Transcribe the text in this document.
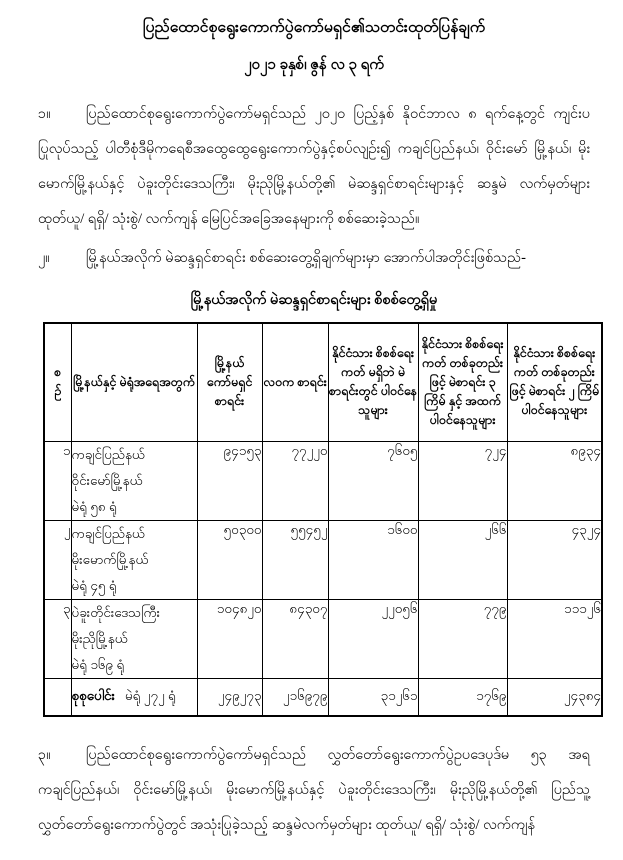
ပြည်ထောင်စုရွေးကောက်ပွဲကော်မရှင်၏သတင်းထုတ်ပြန်ချက်
၂၀၂၁ ခုနှစ်၊ ဇွန် လ ၃ ရက်
၁။ ပြည်ထောင်စုရွေးကောက်ပွဲကော်မရှင်သည် ၂၀၂၀ ပြည့်နှစ် နိုဝင်ဘာလ ၈ ရက်နေ့တွင် ကျင်းပပြုလုပ်သည့် ပါတီစုံဒီမိုကရေစီအထွေထွေရွေးကောက်ပွဲနှင့်စပ်လျဉ်း၍ ကချင်ပြည်နယ်၊ ဝိုင်းမော် မြို့နယ်၊ မိုးမောက်မြို့နယ်နှင့် ပဲခူးတိုင်းဒေသကြီး၊ မိုးညိုမြို့နယ်တို့၏ မဲဆန္ဒရှင်စာရင်းများနှင့် ဆန္ဒမဲ လက်မှတ်များ ထုတ်ယူ/ ရရှိ/ သုံးစွဲ/ လက်ကျန် မြေပြင်အခြေအနေများကို စစ်ဆေးခဲ့သည်။
၂။	မြို့နယ်အလိုက် မဲဆန္ဒရှင်စာရင်း စစ်ဆေးတွေ့ရှိချက်များမှာ အောက်ပါအတိုင်းဖြစ်သည်-
မြို့နယ်အလိုက် မဲဆန္ဒရှင်စာရင်းများ စိစစ်တွေ့ရှိမှု
စဉ်	မြို့နယ်နှင့် မဲရုံအရေအတွက်	မြို့နယ် ကော်မရှင် စာရင်း	လဝက စာရင်း	နိုင်ငံသား စိစစ်ရေးကတ် မရှိဘဲ မဲစာရင်းတွင် ပါဝင်နေသူများ	နိုင်ငံသား စိစစ်ရေးကတ် တစ်ခုတည်းဖြင့် မဲစာရင်း ၃ ကြိမ် နှင့် အထက် ပါဝင်နေသူများ	နိုင်ငံသား စိစစ်ရေးကတ် တစ်ခုတည်းဖြင့် မဲစာရင်း ၂ ကြိမ် ပါဝင်နေသူများ
၁	ကချင်ပြည်နယ်
ဝိုင်းမော်မြို့နယ်
မဲရုံ ၅၈ ရုံ	၉၄၁၅၃	၇၇၂၂၀	၇၆၀၅	၇၂၄	၈၉၃၄
၂	ကချင်ပြည်နယ်
မိုးမောက်မြို့နယ်
မဲရုံ ၄၅ ရုံ	၅၀၃၀၀	၅၅၄၅၂	၁၆၀၀	၂၆၆	၄၃၂၄
၃	ပဲခူးတိုင်းဒေသကြီး
မိုးညိုမြို့နယ်
မဲရုံ ၁၆၉ ရုံ	၁၀၄၈၂၀	၈၄၃၀၇	၂၂၀၅၆	၇၇၉	၁၁၁၂၆
	စုစုပေါင်း မဲရုံ ၂၇၂ ရုံ	၂၄၉၂၇၃	၂၁၆၉၇၉	၃၁၂၆၁	၁၇၆၉	၂၄၃၈၄
၃။ ပြည်ထောင်စုရွေးကောက်ပွဲကော်မရှင်သည် လွှတ်တော်ရွေးကောက်ပွဲဥပဒေပုဒ်မ ၅၃ အရ ကချင်ပြည်နယ်၊ ဝိုင်းမော်မြို့နယ်၊ မိုးမောက်မြို့နယ်နှင့် ပဲခူးတိုင်းဒေသကြီး၊ မိုးညိုမြို့နယ်တို့၏ ပြည်သူ့ လွှတ်တော်ရွေးကောက်ပွဲတွင် အသုံးပြုခဲ့သည့် ဆန္ဒမဲလက်မှတ်များ ထုတ်ယူ/ ရရှိ/ သုံးစွဲ/ လက်ကျန်
